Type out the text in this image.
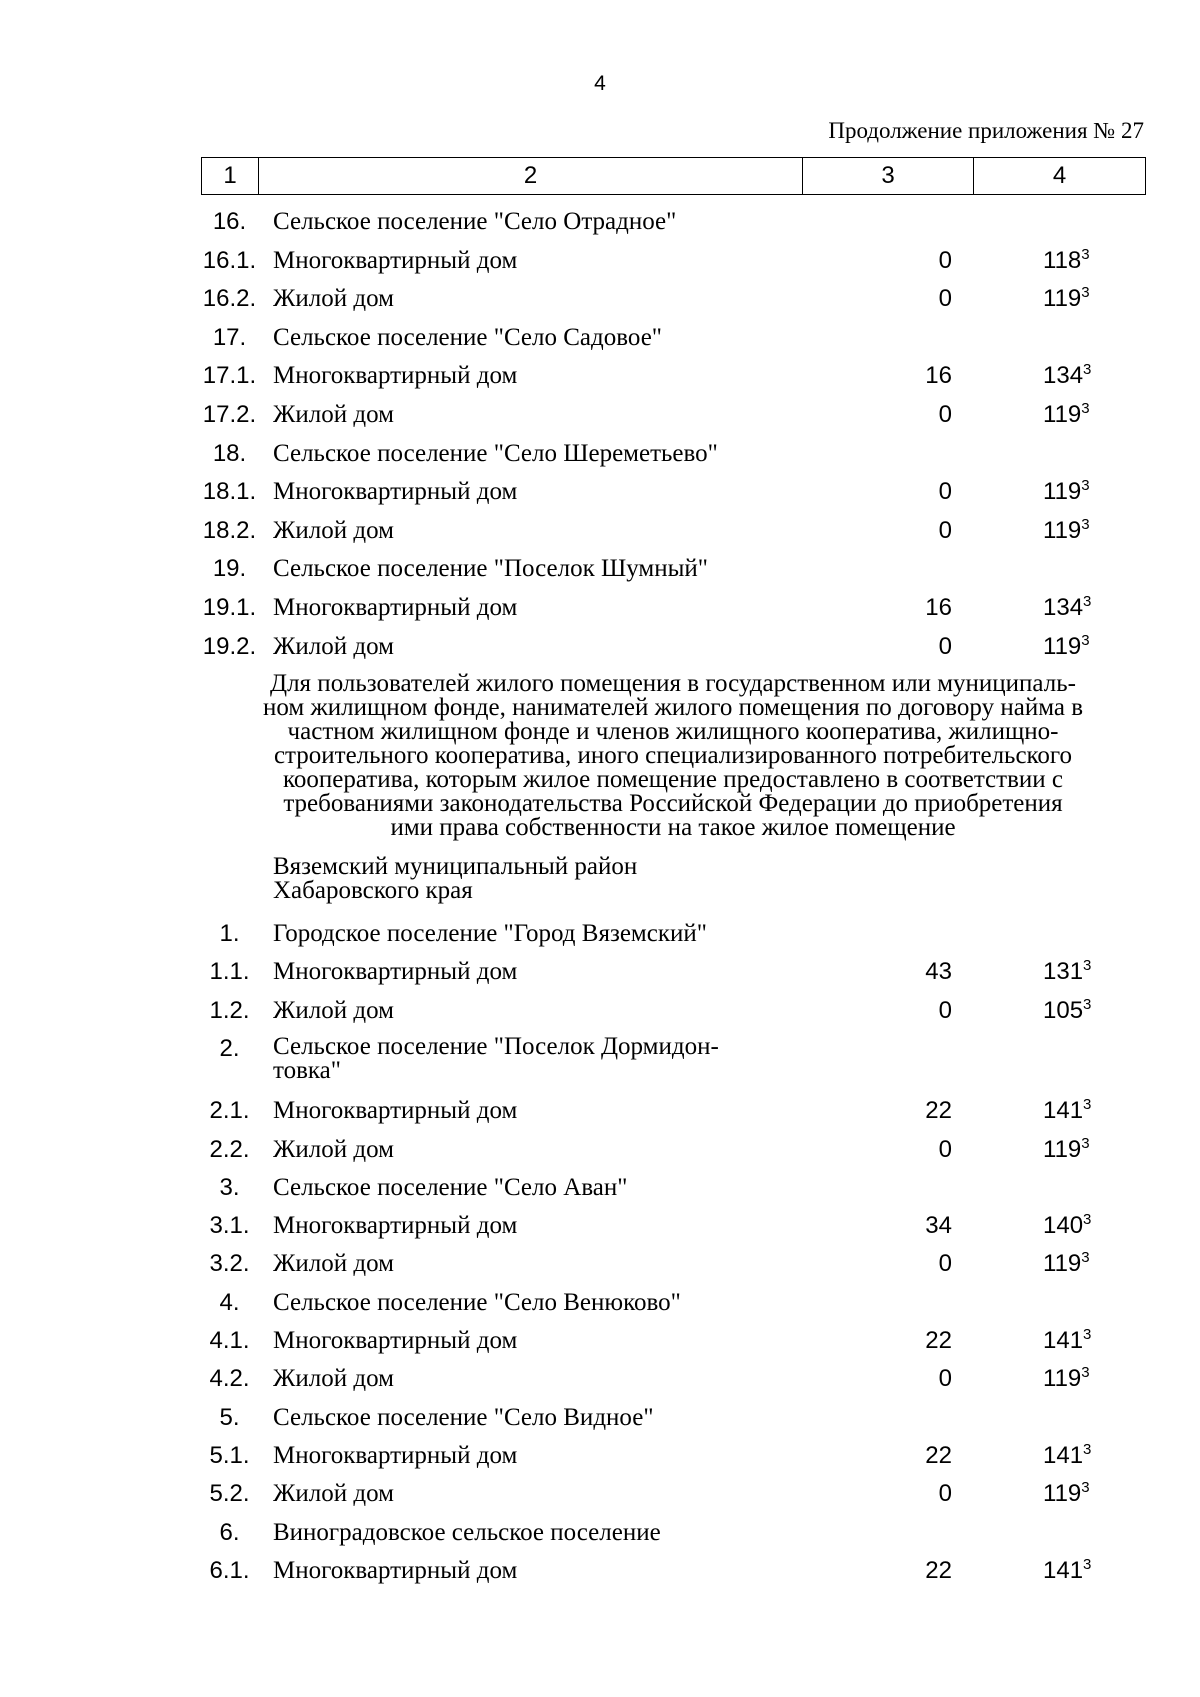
4
Продолжение приложения № 27
1	2	3	4
16.	Сельское поселение "Село Отрадное"
16.1. Многоквартирный дом	0	$118^3$
16.2. Жилой дом	0	$119^3$
17.	Сельское поселение "Село Садовое"
17.1. Многоквартирный дом	16	$134^3$
17.2. Жилой дом	0	$119^3$
18.	Сельское поселение "Село Шереметьево"
18.1. Многоквартирный дом	0	$119^3$
18.2. Жилой дом	0	$119^3$
19.	Сельское поселение "Поселок Шумный"
19.1. Многоквартирный дом	16	$134^3$
19.2. Жилой дом	0	$119^3$
Для пользователей жилого помещения в государственном или муниципаль-
ном жилищном фонде, нанимателей жилого помещения по договору найма в
частном жилищном фонде и членов жилищного кооператива, жилищно-
строительного кооператива, иного специализированного потребительского
кооператива, которым жилое помещение предоставлено в соответствии с
требованиями законодательства Российской Федерации до приобретения
ими права собственности на такое жилое помещение
Вяземский муниципальный район
Хабаровского края
1.	Городское поселение "Город Вяземский"
1.1. Многоквартирный дом	43	$131^3$
1.2. Жилой дом	0	$105^3$
2.	Сельское поселение "Поселок Дормидон-
товка"
2.1. Многоквартирный дом	22	$141^3$
2.2. Жилой дом	0	$119^3$
3.	Сельское поселение "Село Аван"
3.1. Многоквартирный дом	34	$140^3$
3.2. Жилой дом	0	$119^3$
4.	Сельское поселение "Село Венюково"
4.1. Многоквартирный дом	22	$141^3$
4.2. Жилой дом	0	$119^3$
5.	Сельское поселение "Село Видное"
5.1. Многоквартирный дом	22	$141^3$
5.2. Жилой дом	0	$119^3$
6.	Виноградовское сельское поселение
6.1. Многоквартирный дом	22	$141^3$
